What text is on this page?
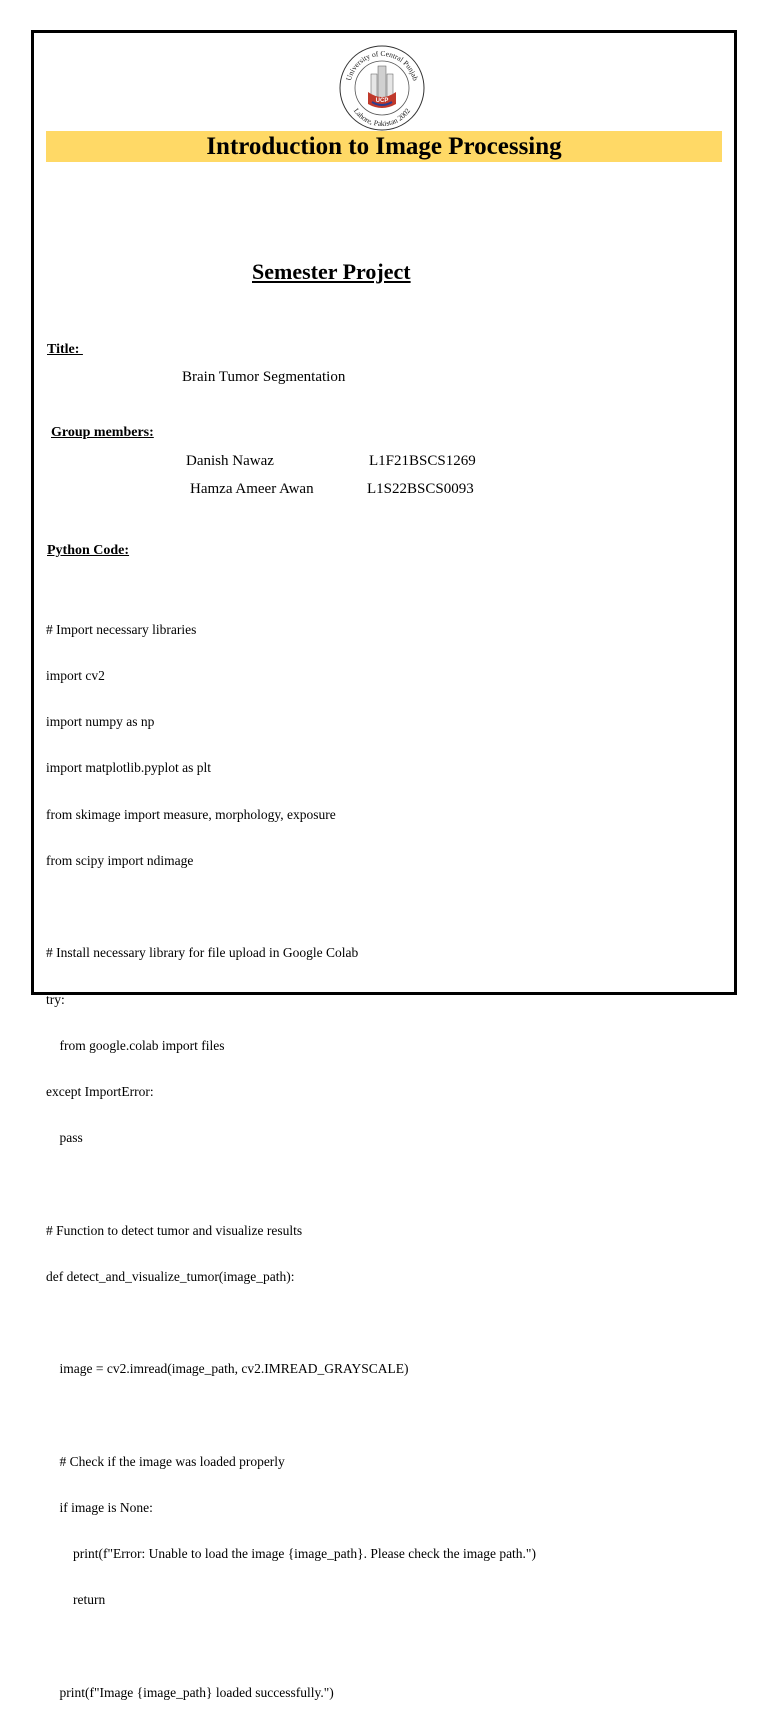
University of Central Punjab
Lahore, Pakistan 2002
UCP
Introduction to Image Processing
Semester Project
Title:
Brain Tumor Segmentation
Group members:
Danish Nawaz	L1F21BSCS1269
Hamza Ameer Awan	L1S22BSCS0093
Python Code:

# Import necessary libraries

import cv2

import numpy as np

import matplotlib.pyplot as plt

from skimage import measure, morphology, exposure

from scipy import ndimage

# Install necessary library for file upload in Google Colab

try:

from google.colab import files

except ImportError:

pass

# Function to detect tumor and visualize results

def detect_and_visualize_tumor(image_path):

image = cv2.imread(image_path, cv2.IMREAD_GRAYSCALE)

# Check if the image was loaded properly

if image is None:

print(f"Error: Unable to load the image {image_path}. Please check the image path.")

return

print(f"Image {image_path} loaded successfully.")
